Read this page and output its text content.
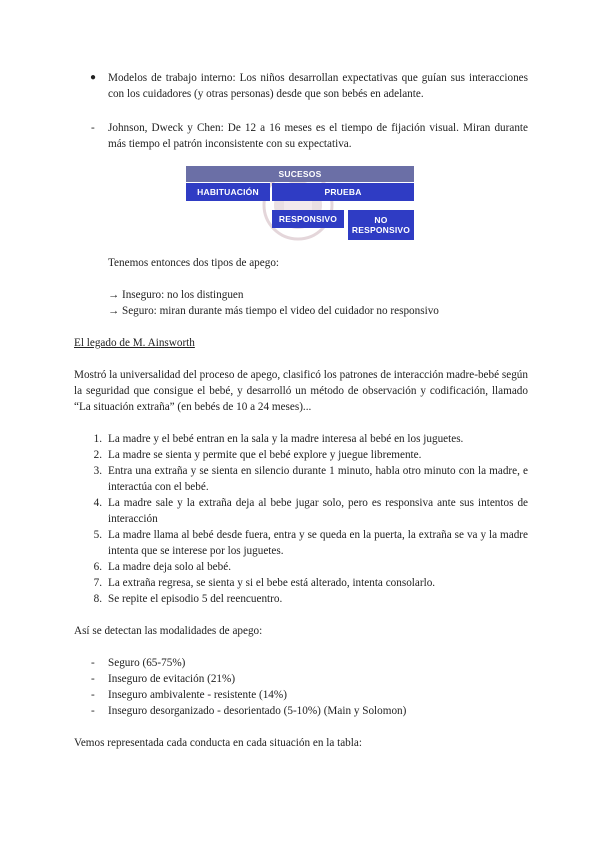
● Modelos de trabajo interno: Los niños desarrollan expectativas que guían sus interacciones con los cuidadores (y otras personas) desde que son bebés en adelante.
- Johnson, Dweck y Chen: De 12 a 16 meses es el tiempo de fijación visual. Miran durante más tiempo el patrón inconsistente con su expectativa.
SUCESOS
HABITUACIÓN	PRUEBA
RESPONSIVO	NO RESPONSIVO
Tenemos entonces dos tipos de apego:
→ Inseguro: no los distinguen
→ Seguro: miran durante más tiempo el video del cuidador no responsivo
El legado de M. Ainsworth
Mostró la universalidad del proceso de apego, clasificó los patrones de interacción madre-bebé según la seguridad que consigue el bebé, y desarrolló un método de observación y codificación, llamado “La situación extraña” (en bebés de 10 a 24 meses)...
1. La madre y el bebé entran en la sala y la madre interesa al bebé en los juguetes.
2. La madre se sienta y permite que el bebé explore y juegue libremente.
3. Entra una extraña y se sienta en silencio durante 1 minuto, habla otro minuto con la madre, e interactúa con el bebé.
4. La madre sale y la extraña deja al bebe jugar solo, pero es responsiva ante sus intentos de interacción
5. La madre llama al bebé desde fuera, entra y se queda en la puerta, la extraña se va y la madre intenta que se interese por los juguetes.
6. La madre deja solo al bebé.
7. La extraña regresa, se sienta y si el bebe está alterado, intenta consolarlo.
8. Se repite el episodio 5 del reencuentro.
Así se detectan las modalidades de apego:
- Seguro (65-75%)
- Inseguro de evitación (21%)
- Inseguro ambivalente - resistente (14%)
- Inseguro desorganizado - desorientado (5-10%) (Main y Solomon)
Vemos representada cada conducta en cada situación en la tabla:
